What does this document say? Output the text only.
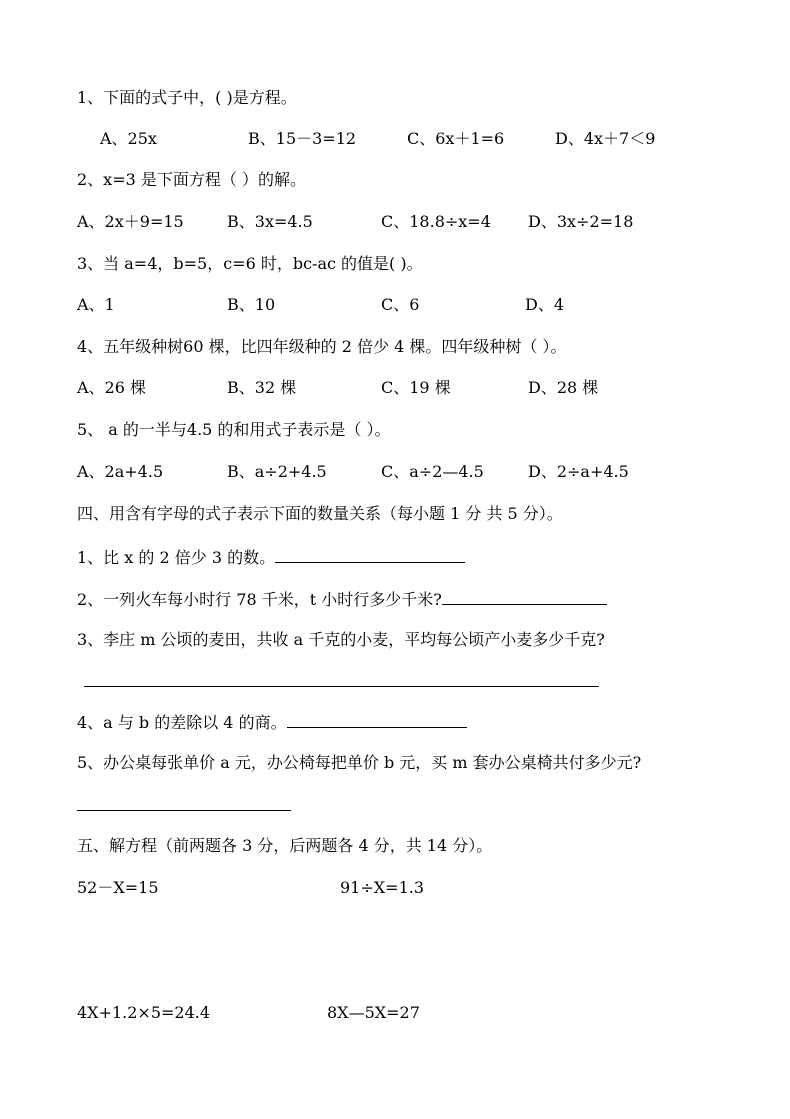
1、下面的式子中，( )是方程。
A、25x	B、15－3=12	C、6x＋1=6	D、4x＋7＜9
2、x=3 是下面方程（ ）的解。
A、2x＋9=15	B、3x=4.5	C、18.8÷x=4 D、3x÷2=18
3、当 a=4，b=5，c=6 时，bc-ac 的值是( )。
A、1	B、10	C、6	D、4
4、五年级种树60 棵，比四年级种的 2 倍少 4 棵。四年级种树（ ）。
A、26 棵	B、32 棵	C、19 棵	D、28 棵
5、 a 的一半与4.5 的和用式子表示是（ ）。
A、2a+4.5	B、a÷2+4.5	C、a÷2—4.5	D、2÷a+4.5
四、用含有字母的式子表示下面的数量关系（每小题 1 分 共 5 分）。
1、比 x 的 2 倍少 3 的数。
2、一列火车每小时行 78 千米，t 小时行多少千米?
3、李庄 m 公顷的麦田，共收 a 千克的小麦，平均每公顷产小麦多少千克?
4、a 与 b 的差除以 4 的商。
5、办公桌每张单价 a 元，办公椅每把单价 b 元，买 m 套办公桌椅共付多少元?
五、解方程（前两题各 3 分，后两题各 4 分，共 14 分）。
52－X=15	91÷X=1.3
4X+1.2×5=24.4	8X—5X=27
